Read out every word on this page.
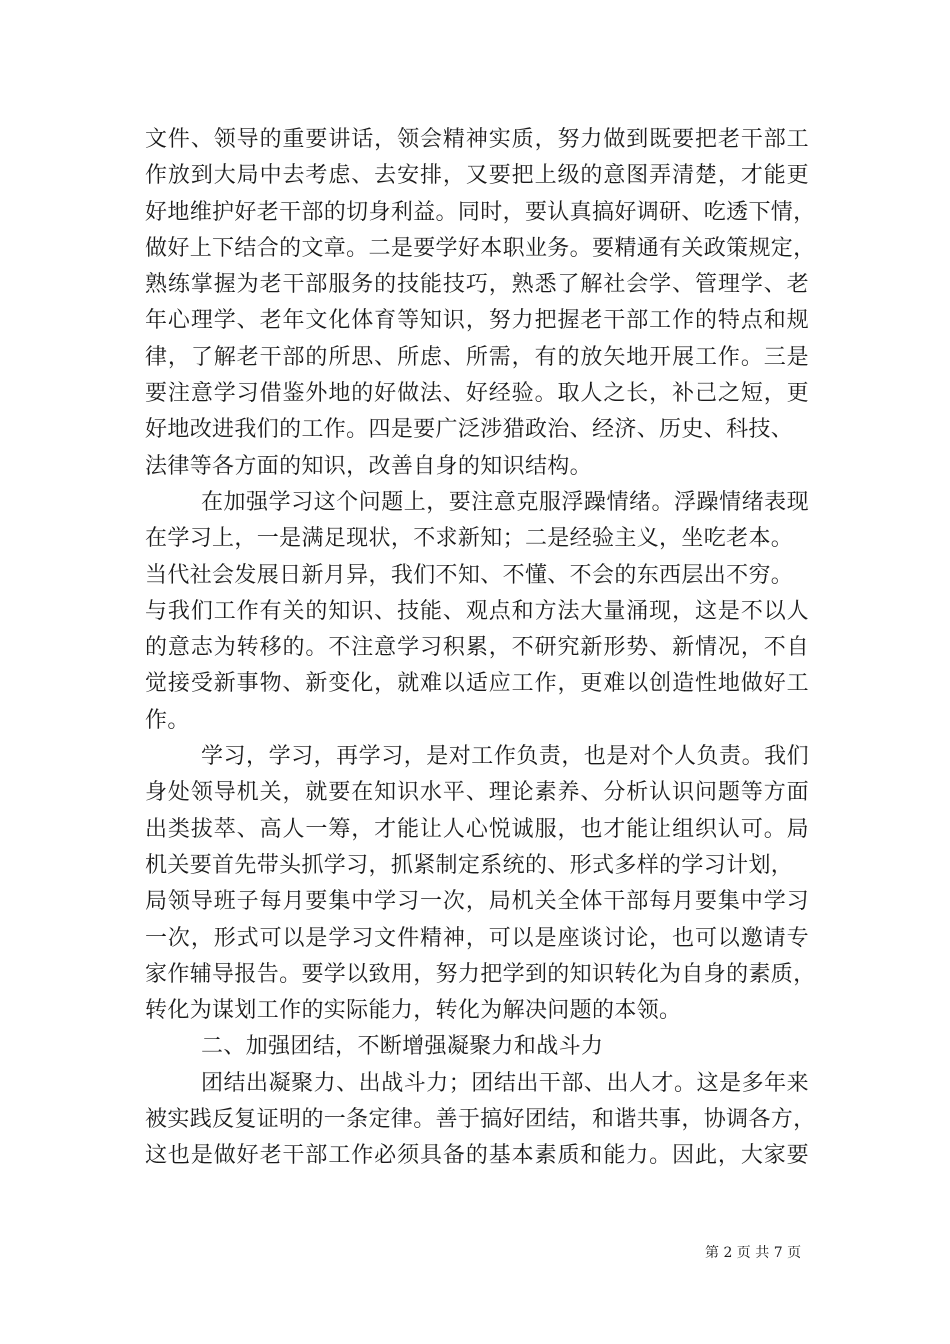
文件、领导的重要讲话，领会精神实质，努力做到既要把老干部工
作放到大局中去考虑、去安排，又要把上级的意图弄清楚，才能更
好地维护好老干部的切身利益。同时，要认真搞好调研、吃透下情，
做好上下结合的文章。二是要学好本职业务。要精通有关政策规定，
熟练掌握为老干部服务的技能技巧，熟悉了解社会学、管理学、老
年心理学、老年文化体育等知识，努力把握老干部工作的特点和规
律，了解老干部的所思、所虑、所需，有的放矢地开展工作。三是
要注意学习借鉴外地的好做法、好经验。取人之长，补己之短，更
好地改进我们的工作。四是要广泛涉猎政治、经济、历史、科技、
法律等各方面的知识，改善自身的知识结构。
在加强学习这个问题上，要注意克服浮躁情绪。浮躁情绪表现
在学习上，一是满足现状，不求新知；二是经验主义，坐吃老本。
当代社会发展日新月异，我们不知、不懂、不会的东西层出不穷。
与我们工作有关的知识、技能、观点和方法大量涌现，这是不以人
的意志为转移的。不注意学习积累，不研究新形势、新情况，不自
觉接受新事物、新变化，就难以适应工作，更难以创造性地做好工
作。
学习，学习，再学习，是对工作负责，也是对个人负责。我们
身处领导机关，就要在知识水平、理论素养、分析认识问题等方面
出类拔萃、高人一筹，才能让人心悦诚服，也才能让组织认可。局
机关要首先带头抓学习，抓紧制定系统的、形式多样的学习计划，
局领导班子每月要集中学习一次，局机关全体干部每月要集中学习
一次，形式可以是学习文件精神，可以是座谈讨论，也可以邀请专
家作辅导报告。要学以致用，努力把学到的知识转化为自身的素质，
转化为谋划工作的实际能力，转化为解决问题的本领。
二、加强团结，不断增强凝聚力和战斗力
团结出凝聚力、出战斗力；团结出干部、出人才。这是多年来
被实践反复证明的一条定律。善于搞好团结，和谐共事，协调各方，
这也是做好老干部工作必须具备的基本素质和能力。因此，大家要
第 2 页 共 7 页
